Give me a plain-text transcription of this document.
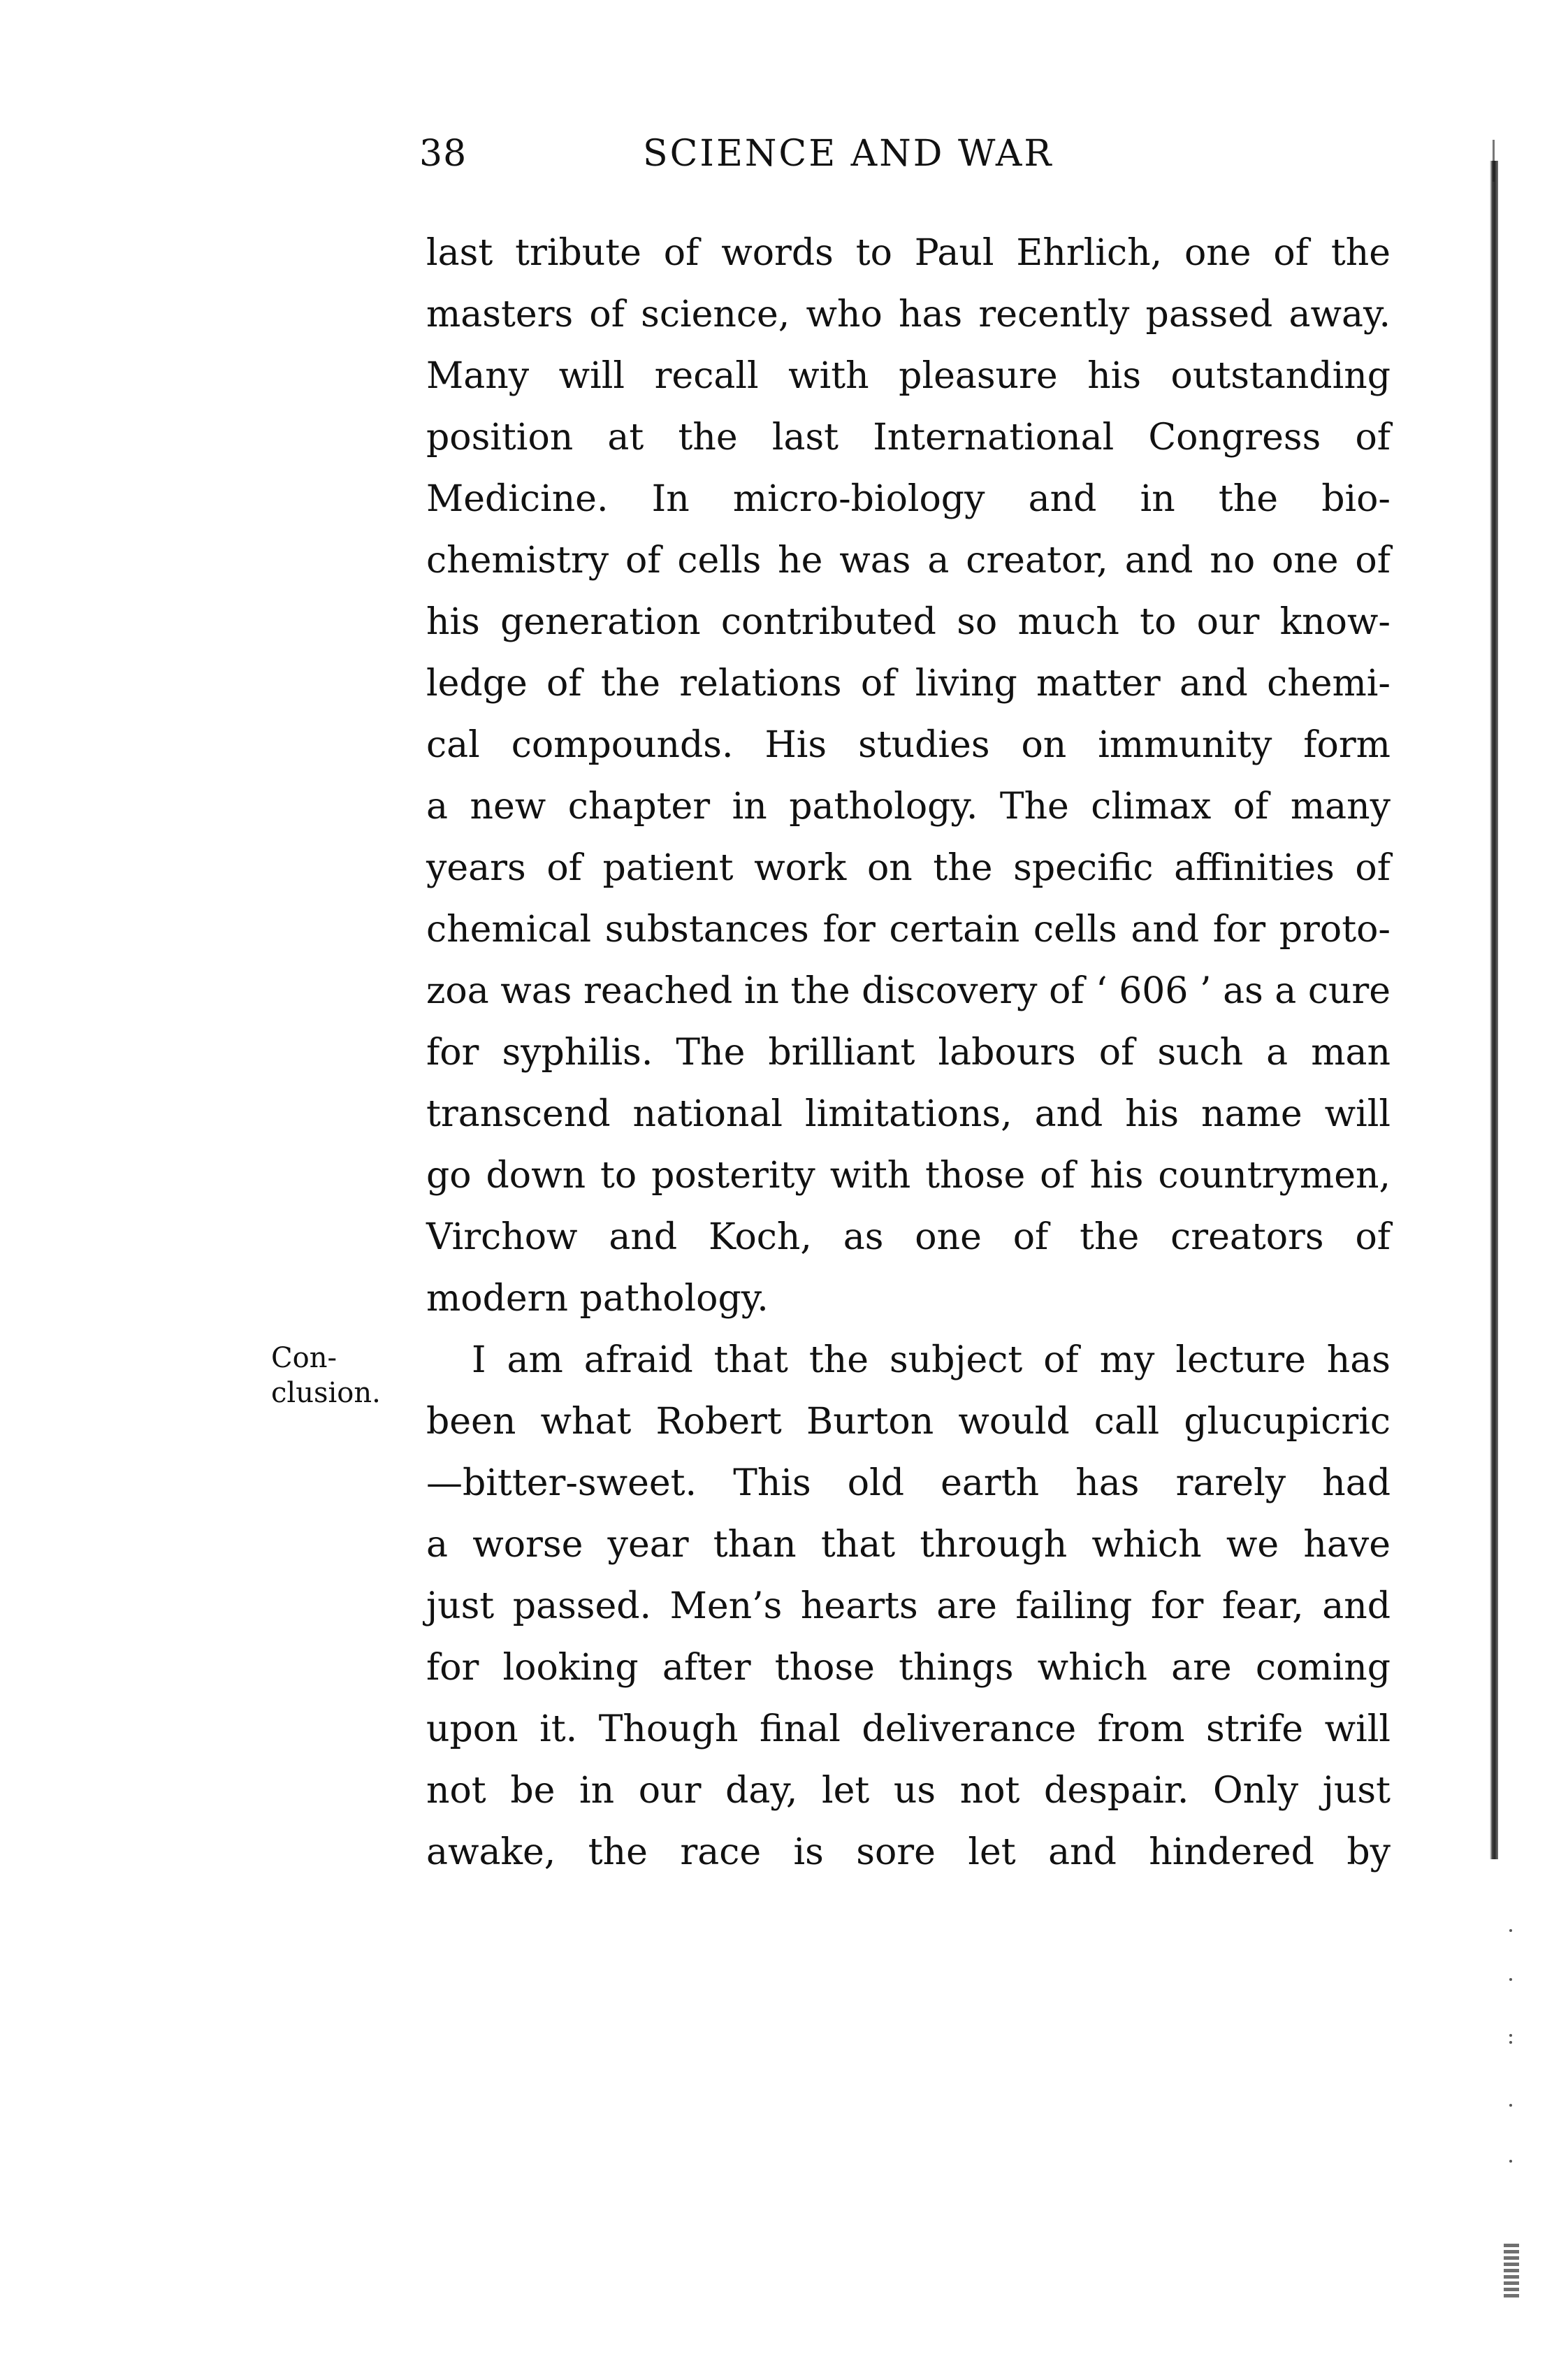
38	SCIENCE AND WAR
Con-
clusion.
last tribute of words to Paul Ehrlich, one of the
masters of science, who has recently passed away.
Many will recall with pleasure his outstanding
position at the last International Congress of
Medicine. In micro-biology and in the bio-
chemistry of cells he was a creator, and no one of
his generation contributed so much to our know-
ledge of the relations of living matter and chemi-
cal compounds. His studies on immunity form
a new chapter in pathology. The climax of many
years of patient work on the specific affinities of
chemical substances for certain cells and for proto-
zoa was reached in the discovery of ‘ 606 ’ as a cure
for syphilis. The brilliant labours of such a man
transcend national limitations, and his name will
go down to posterity with those of his countrymen,
Virchow and Koch, as one of the creators of
modern pathology.
I am afraid that the subject of my lecture has
been what Robert Burton would call glucupicric
—bitter-sweet. This old earth has rarely had
a worse year than that through which we have
just passed. Men’s hearts are failing for fear, and
for looking after those things which are coming
upon it. Though final deliverance from strife will
not be in our day, let us not despair. Only just
awake, the race is sore let and hindered by
